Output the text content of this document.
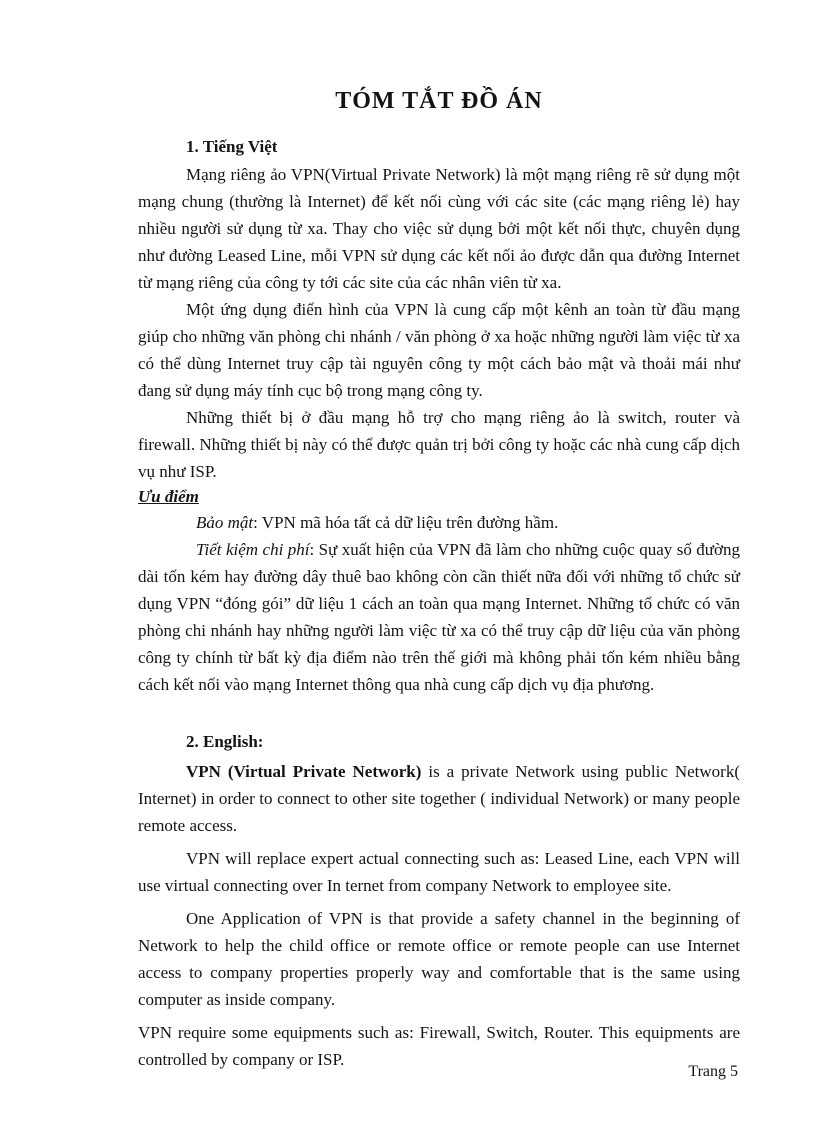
TÓM TẮT ĐỒ ÁN
1. Tiếng Việt

Mạng riêng ảo VPN(Virtual Private Network) là một mạng riêng rẽ sử dụng một mạng chung (thường là Internet) để kết nối cùng với các site (các mạng riêng lẻ) hay nhiều người sử dụng từ xa. Thay cho việc sử dụng bởi một kết nối thực, chuyên dụng như đường Leased Line, mỗi VPN sử dụng các kết nối ảo được dẫn qua đường Internet từ mạng riêng của công ty tới các site của các nhân viên từ xa.

Một ứng dụng điển hình của VPN là cung cấp một kênh an toàn từ đầu mạng giúp cho những văn phòng chi nhánh / văn phòng ở xa hoặc những người làm việc từ xa có thể dùng Internet truy cập tài nguyên công ty một cách bảo mật và thoải mái như đang sử dụng máy tính cục bộ trong mạng công ty.

Những thiết bị ở đầu mạng hỗ trợ cho mạng riêng ảo là switch, router và firewall. Những thiết bị này có thể được quản trị bởi công ty hoặc các nhà cung cấp dịch vụ như ISP.

Ưu điểm

Bảo mật: VPN mã hóa tất cả dữ liệu trên đường hầm.

Tiết kiệm chi phí: Sự xuất hiện của VPN đã làm cho những cuộc quay số đường dài tốn kém hay đường dây thuê bao không còn cần thiết nữa đối với những tổ chức sử dụng VPN “đóng gói” dữ liệu 1 cách an toàn qua mạng Internet. Những tổ chức có văn phòng chi nhánh hay những người làm việc từ xa có thể truy cập dữ liệu của văn phòng công ty chính từ bất kỳ địa điểm nào trên thế giới mà không phải tốn kém nhiều bằng cách kết nối vào mạng Internet thông qua nhà cung cấp dịch vụ địa phương.

2. English:

VPN (Virtual Private Network) is a private Network using public Network( Internet) in order to connect to other site together ( individual Network) or many people remote access.

VPN will replace expert actual connecting such as: Leased Line, each VPN will use virtual connecting over In ternet from company Network to employee site.

One Application of VPN is that provide a safety channel in the beginning of Network to help the child office or remote office or remote people can use Internet access to company properties properly way and comfortable that is the same using computer as inside company.

VPN require some equipments such as: Firewall, Switch, Router. This equipments are controlled by company or ISP.

Trang 5
